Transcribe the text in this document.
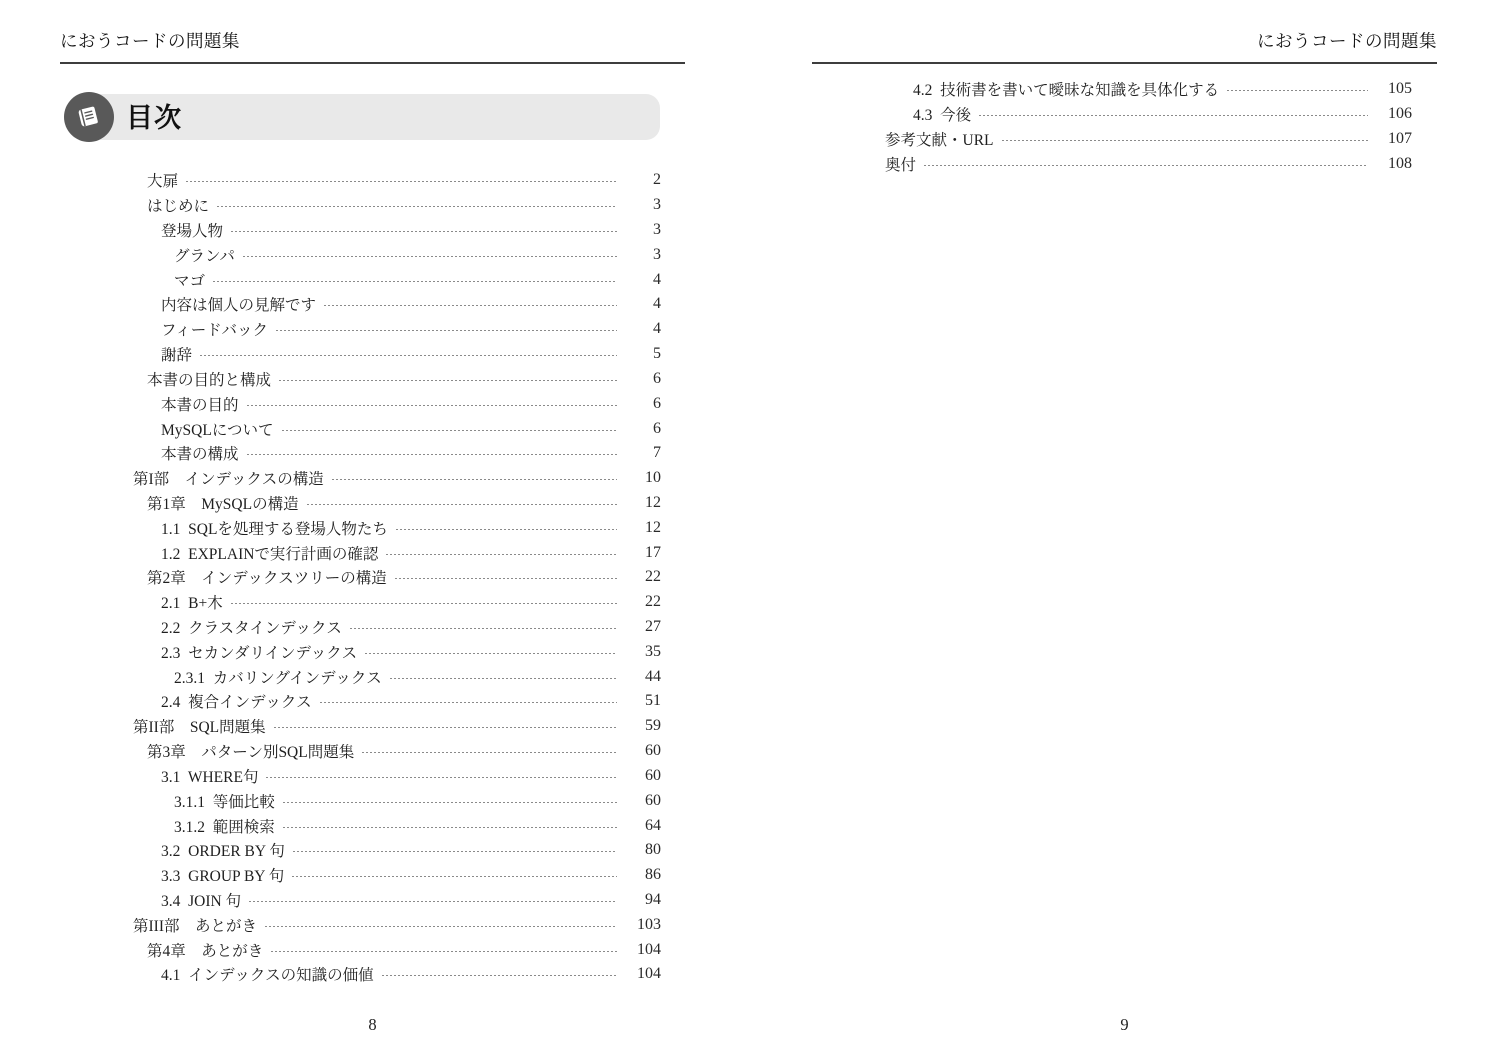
におうコードの問題集
目次
大扉	2
はじめに	3
登場人物	3
グランパ	3
マゴ	4
内容は個人の見解です	4
フィードバック	4
謝辞	5
本書の目的と構成	6
本書の目的	6
MySQLについて	6
本書の構成	7
第I部　インデックスの構造	10
第1章　MySQLの構造	12
1.1  SQLを処理する登場人物たち	12
1.2  EXPLAINで実行計画の確認	17
第2章　インデックスツリーの構造	22
2.1  B+木	22
2.2  クラスタインデックス	27
2.3  セカンダリインデックス	35
2.3.1  カバリングインデックス	44
2.4  複合インデックス	51
第II部　SQL問題集	59
第3章　パターン別SQL問題集	60
3.1  WHERE句	60
3.1.1  等価比較	60
3.1.2  範囲検索	64
3.2  ORDER BY 句	80
3.3  GROUP BY 句	86
3.4  JOIN 句	94
第III部　あとがき	103
第4章　あとがき	104
4.1  インデックスの知識の価値	104
8
におうコードの問題集
4.2  技術書を書いて曖昧な知識を具体化する	105
4.3  今後	106
参考文献・URL	107
奥付	108
9
